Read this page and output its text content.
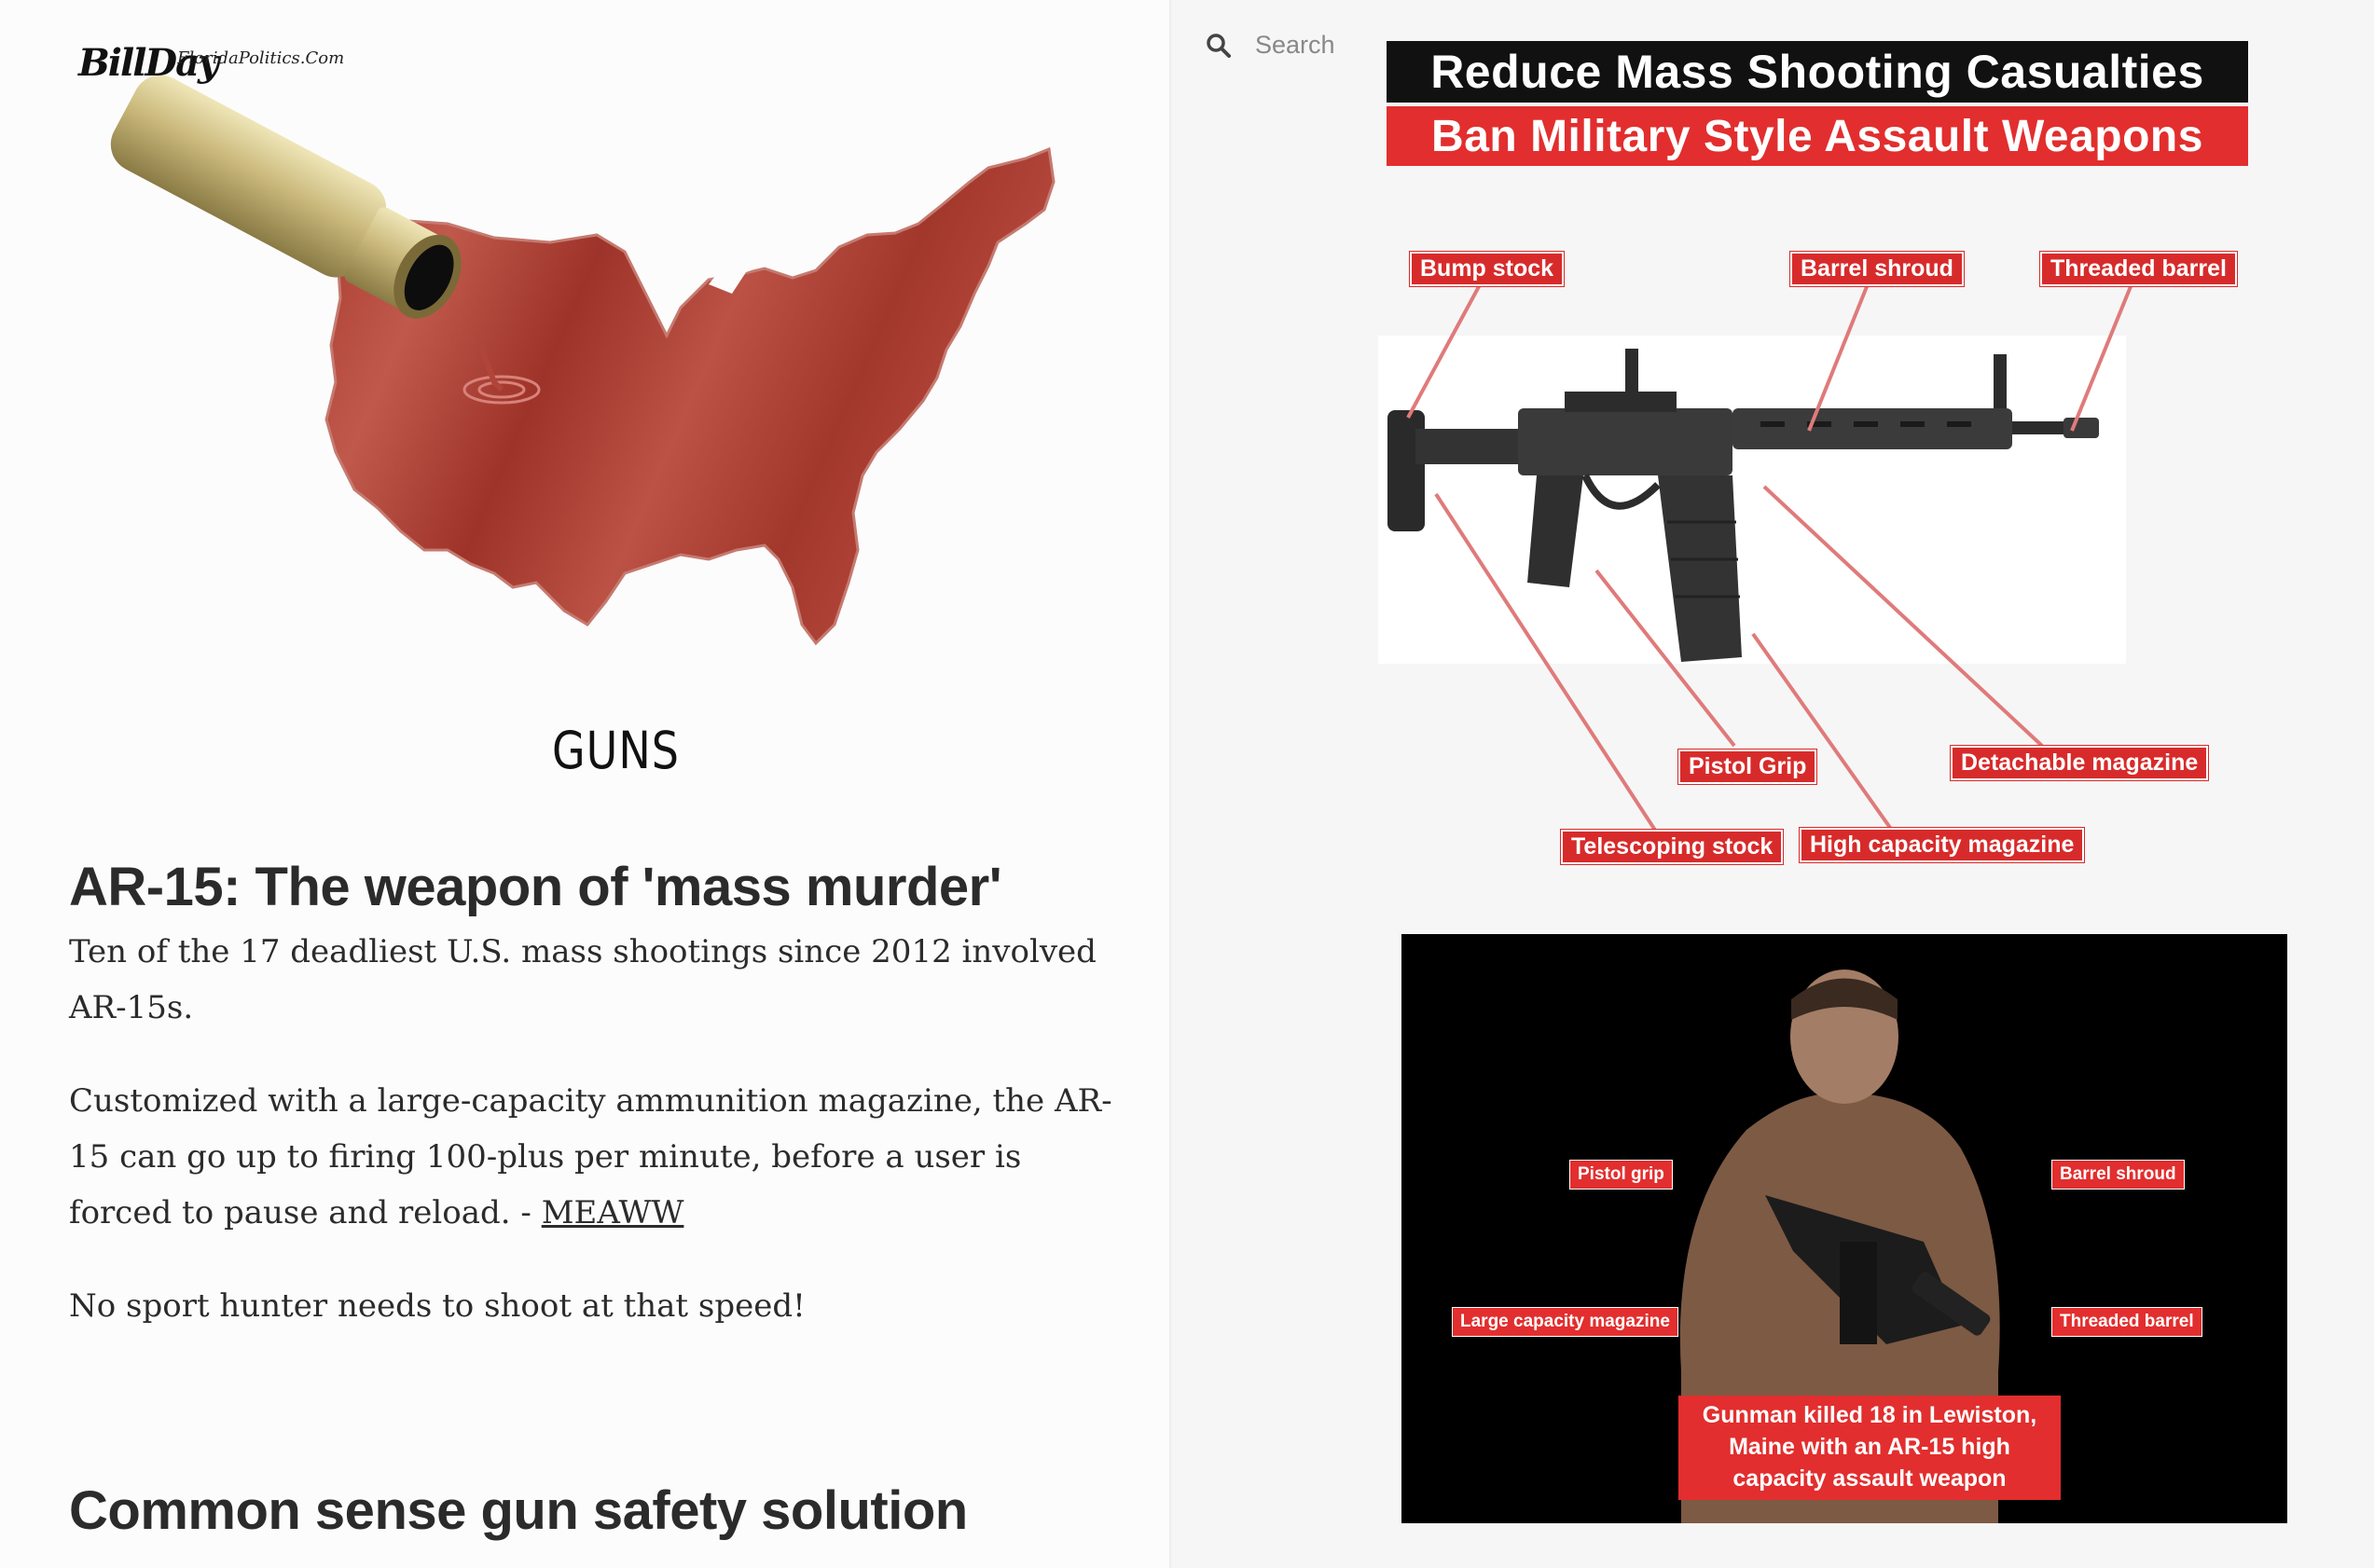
BillDay
FloridaPolitics.Com
GUNS
AR-15: The weapon of 'mass murder'

Ten of the 17 deadliest U.S. mass shootings since 2012 involved AR-15s.

Customized with a large-capacity ammunition magazine, the AR-15 can go up to firing 100-plus per minute, before a user is forced to pause and reload. - MEAWW

No sport hunter needs to shoot at that speed!

Common sense gun safety solution
Search
Reduce Mass Shooting Casualties
Ban Military Style Assault Weapons
Bump stock	Barrel shroud	Threaded barrel
Pistol Grip	Detachable magazine
Telescoping stock	High capacity magazine
Pistol grip	Barrel shroud
Large capacity magazine	Threaded barrel
Gunman killed 18 in Lewiston, Maine with an AR-15 high capacity assault weapon
